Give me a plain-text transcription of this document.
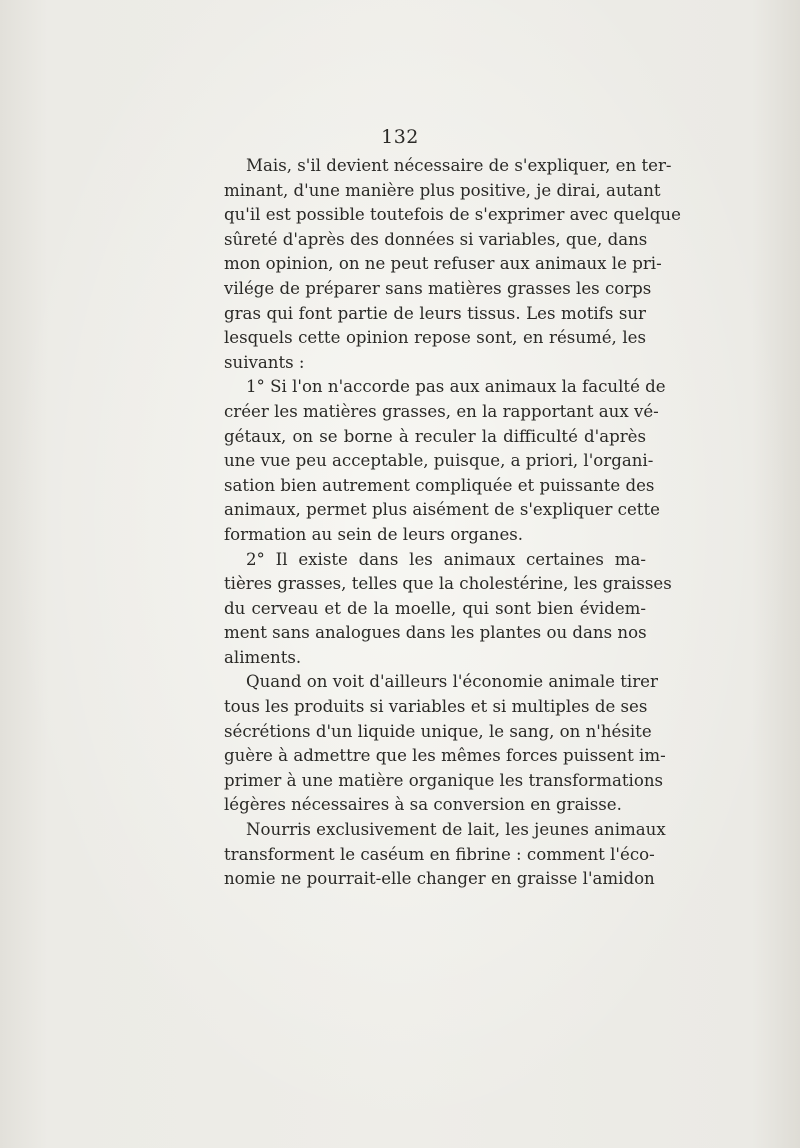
132
Mais, s'il devient nécessaire de s'expliquer, en ter-
minant, d'une manière plus positive, je dirai, autant
qu'il est possible toutefois de s'exprimer avec quelque
sûreté d'après des données si variables, que, dans
mon opinion, on ne peut refuser aux animaux le pri-
vilége de préparer sans matières grasses les corps
gras qui font partie de leurs tissus. Les motifs sur
lesquels cette opinion repose sont, en résumé, les
suivants :
1° Si l'on n'accorde pas aux animaux la faculté de
créer les matières grasses, en la rapportant aux vé-
gétaux, on se borne à reculer la difficulté d'après
une vue peu acceptable, puisque, a priori, l'organi-
sation bien autrement compliquée et puissante des
animaux, permet plus aisément de s'expliquer cette
formation au sein de leurs organes.
2° Il existe dans les animaux certaines ma-
tières grasses, telles que la cholestérine, les graisses
du cerveau et de la moelle, qui sont bien évidem-
ment sans analogues dans les plantes ou dans nos
aliments.
Quand on voit d'ailleurs l'économie animale tirer
tous les produits si variables et si multiples de ses
sécrétions d'un liquide unique, le sang, on n'hésite
guère à admettre que les mêmes forces puissent im-
primer à une matière organique les transformations
légères nécessaires à sa conversion en graisse.
Nourris exclusivement de lait, les jeunes animaux
transforment le caséum en fibrine : comment l'éco-
nomie ne pourrait-elle changer en graisse l'amidon
